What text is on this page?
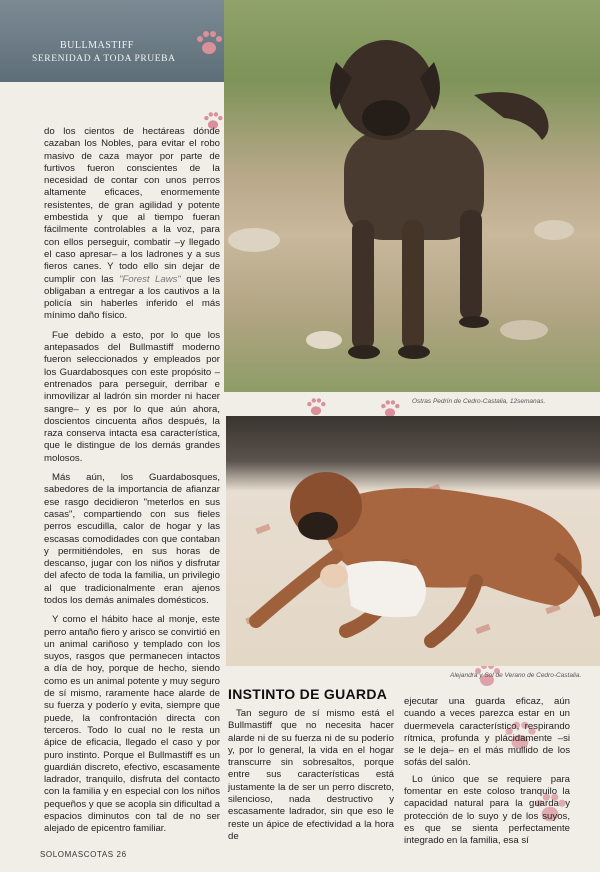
BULLMASTIFF
SERENIDAD A TODA PRUEBA

do los cientos de hectáreas dónde cazaban los Nobles, para evitar el robo masivo de caza mayor por parte de furtivos fueron conscientes de la necesidad de contar con unos perros altamente eficaces, enormemente resistentes, de gran agilidad y potente embestida y que al tiempo fueran fácilmente controlables a la voz, para con ellos perseguir, combatir –y llegado el caso apresar– a los ladrones y a sus fieros canes. Y todo ello sin dejar de cumplir con las "Forest Laws" que les obligaban a entregar a los cautivos a la policía sin haberles inferido el más mínimo daño físico.

Fue debido a esto, por lo que los antepasados del Bullmastiff moderno fueron seleccionados y empleados por los Guardabosques con este propósito –entrenados para perseguir, derribar e inmovilizar al ladrón sin morder ni hacer sangre– y es por lo que aún ahora, doscientos cincuenta años después, la raza conserva intacta esa característica, que le distingue de los demás grandes molosos.

Más aún, los Guardabosques, sabedores de la importancia de afianzar ese rasgo decidieron "meterlos en sus casas", compartiendo con sus fieles perros escudilla, calor de hogar y las escasas comodidades con que contaban y permitiéndoles, en sus horas de descanso, jugar con los niños y disfrutar del afecto de toda la familia, un privilegio al que tradicionalmente eran ajenos todos los demás animales domésticos.

Y como el hábito hace al monje, este perro antaño fiero y arisco se convirtió en un animal cariñoso y templado con los suyos, rasgos que permanecen intactos a día de hoy, porque de hecho, siendo como es un animal potente y muy seguro de sí mismo, raramente hace alarde de su fuerza y poderío y evita, siempre que puede, la confrontación directa con terceros. Todo lo cual no le resta un ápice de eficacia, llegado el caso y por puro instinto. Porque el Bullmastiff es un guardián discreto, efectivo, escasamente ladrador, tranquilo, disfruta del contacto con la familia y en especial con los niños pequeños y que se acopla sin dificultad a espacios diminutos con tal de no ser alejado de epicentro familiar.

Ostras Pedrín de Cedro-Castalia, 12semanas.
Alejandra y Sol de Verano de Cedro-Castalia.
INSTINTO DE GUARDA

Tan seguro de sí mismo está el Bullmastiff que no necesita hacer alarde ni de su fuerza ni de su poderío y, por lo general, la vida en el hogar transcurre sin sobresaltos, porque entre sus características está justamente la de ser un perro discreto, silencioso, nada destructivo y escasamente ladrador, sin que eso le reste un ápice de efectividad a la hora de

ejecutar una guarda eficaz, aún cuando a veces parezca estar en un duermevela característico, respirando rítmica, profunda y plácidamente –si se le deja– en el más mullido de los sofás del salón.

Lo único que se requiere para fomentar en este coloso tranquilo la capacidad natural para la guarda y protección de lo suyo y de los suyos, es que se sienta perfectamente integrado en la familia, esa sí

SOLOMASCOTAS 26
